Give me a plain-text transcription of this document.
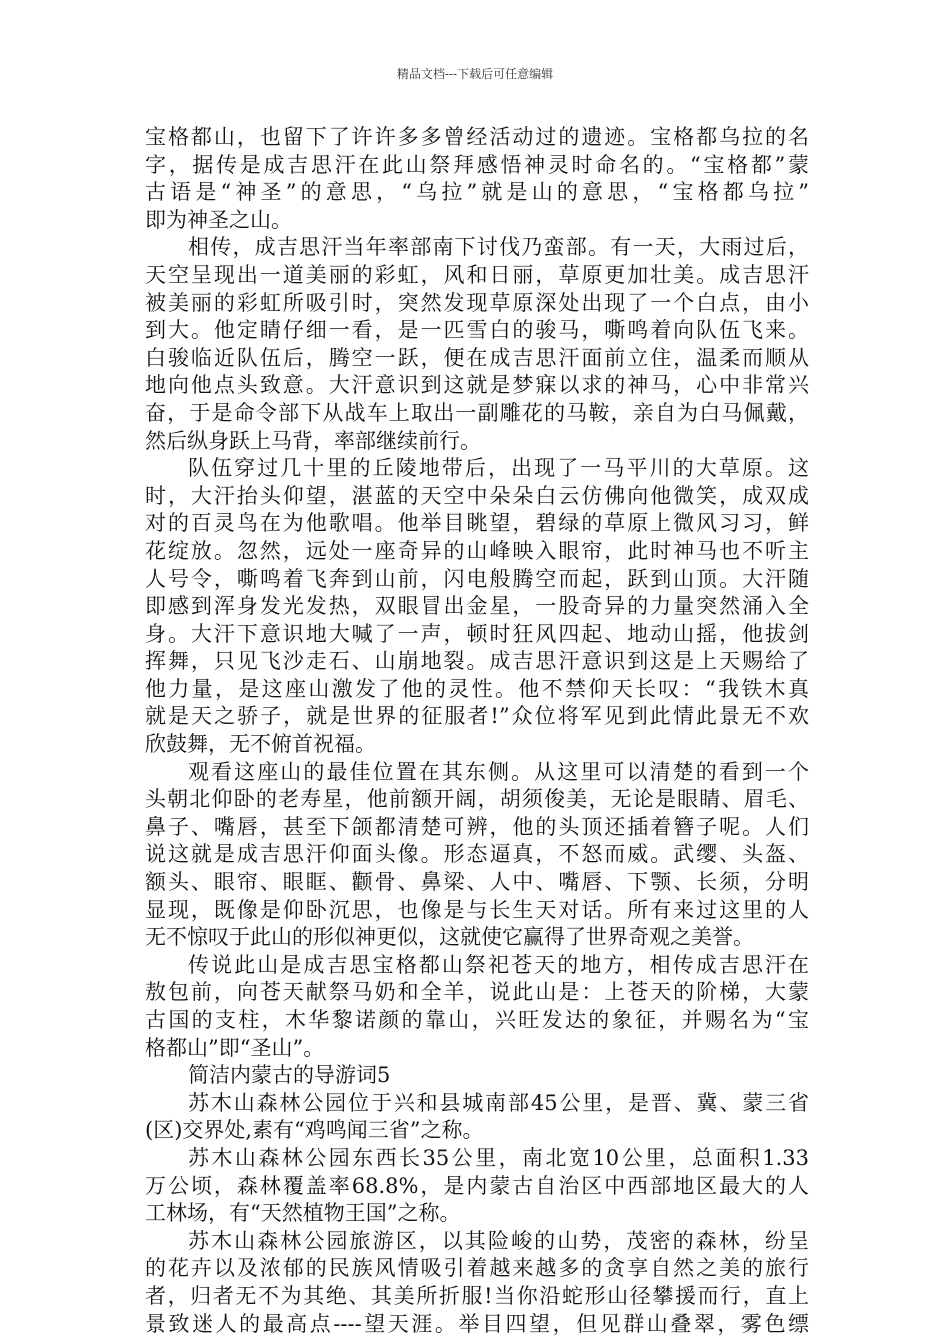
精品文档---下载后可任意编辑
宝格都山，也留下了许许多多曾经活动过的遗迹。宝格都乌拉的名
字，据传是成吉思汗在此山祭拜感悟神灵时命名的。“宝格都”蒙
古语是“神圣”的意思，“乌拉”就是山的意思，“宝格都乌拉”
即为神圣之山。
相传，成吉思汗当年率部南下讨伐乃蛮部。有一天，大雨过后，
天空呈现出一道美丽的彩虹，风和日丽，草原更加壮美。成吉思汗
被美丽的彩虹所吸引时，突然发现草原深处出现了一个白点，由小
到大。他定睛仔细一看，是一匹雪白的骏马，嘶鸣着向队伍飞来。
白骏临近队伍后，腾空一跃，便在成吉思汗面前立住，温柔而顺从
地向他点头致意。大汗意识到这就是梦寐以求的神马，心中非常兴
奋，于是命令部下从战车上取出一副雕花的马鞍，亲自为白马佩戴，
然后纵身跃上马背，率部继续前行。
队伍穿过几十里的丘陵地带后，出现了一马平川的大草原。这
时，大汗抬头仰望，湛蓝的天空中朵朵白云仿佛向他微笑，成双成
对的百灵鸟在为他歌唱。他举目眺望，碧绿的草原上微风习习，鲜
花绽放。忽然，远处一座奇异的山峰映入眼帘，此时神马也不听主
人号令，嘶鸣着飞奔到山前，闪电般腾空而起，跃到山顶。大汗随
即感到浑身发光发热，双眼冒出金星，一股奇异的力量突然涌入全
身。大汗下意识地大喊了一声，顿时狂风四起、地动山摇，他拔剑
挥舞，只见飞沙走石、山崩地裂。成吉思汗意识到这是上天赐给了
他力量，是这座山激发了他的灵性。他不禁仰天长叹：“我铁木真
就是天之骄子，就是世界的征服者!”众位将军见到此情此景无不欢
欣鼓舞，无不俯首祝福。
观看这座山的最佳位置在其东侧。从这里可以清楚的看到一个
头朝北仰卧的老寿星，他前额开阔，胡须俊美，无论是眼睛、眉毛、
鼻子、嘴唇，甚至下颌都清楚可辨，他的头顶还插着簪子呢。人们
说这就是成吉思汗仰面头像。形态逼真，不怒而威。武缨、头盔、
额头、眼帘、眼眶、颧骨、鼻梁、人中、嘴唇、下颚、长须，分明
显现，既像是仰卧沉思，也像是与长生天对话。所有来过这里的人
无不惊叹于此山的形似神更似，这就使它赢得了世界奇观之美誉。
传说此山是成吉思宝格都山祭祀苍天的地方，相传成吉思汗在
敖包前，向苍天献祭马奶和全羊，说此山是：上苍天的阶梯，大蒙
古国的支柱，木华黎诺颜的靠山，兴旺发达的象征，并赐名为“宝
格都山”即“圣山”。
简洁内蒙古的导游词5
苏木山森林公园位于兴和县城南部45公里，是晋、冀、蒙三省
(区)交界处,素有“鸡鸣闻三省”之称。
苏木山森林公园东西长35公里，南北宽10公里，总面积1.33
万公顷，森林覆盖率68.8%，是内蒙古自治区中西部地区最大的人
工林场，有“天然植物王国”之称。
苏木山森林公园旅游区，以其险峻的山势，茂密的森林，纷呈
的花卉以及浓郁的民族风情吸引着越来越多的贪享自然之美的旅行
者，归者无不为其绝、其美所折服!当你沿蛇形山径攀援而行，直上
景致迷人的最高点----望天涯。举目四望，但见群山叠翠，雾色缥
